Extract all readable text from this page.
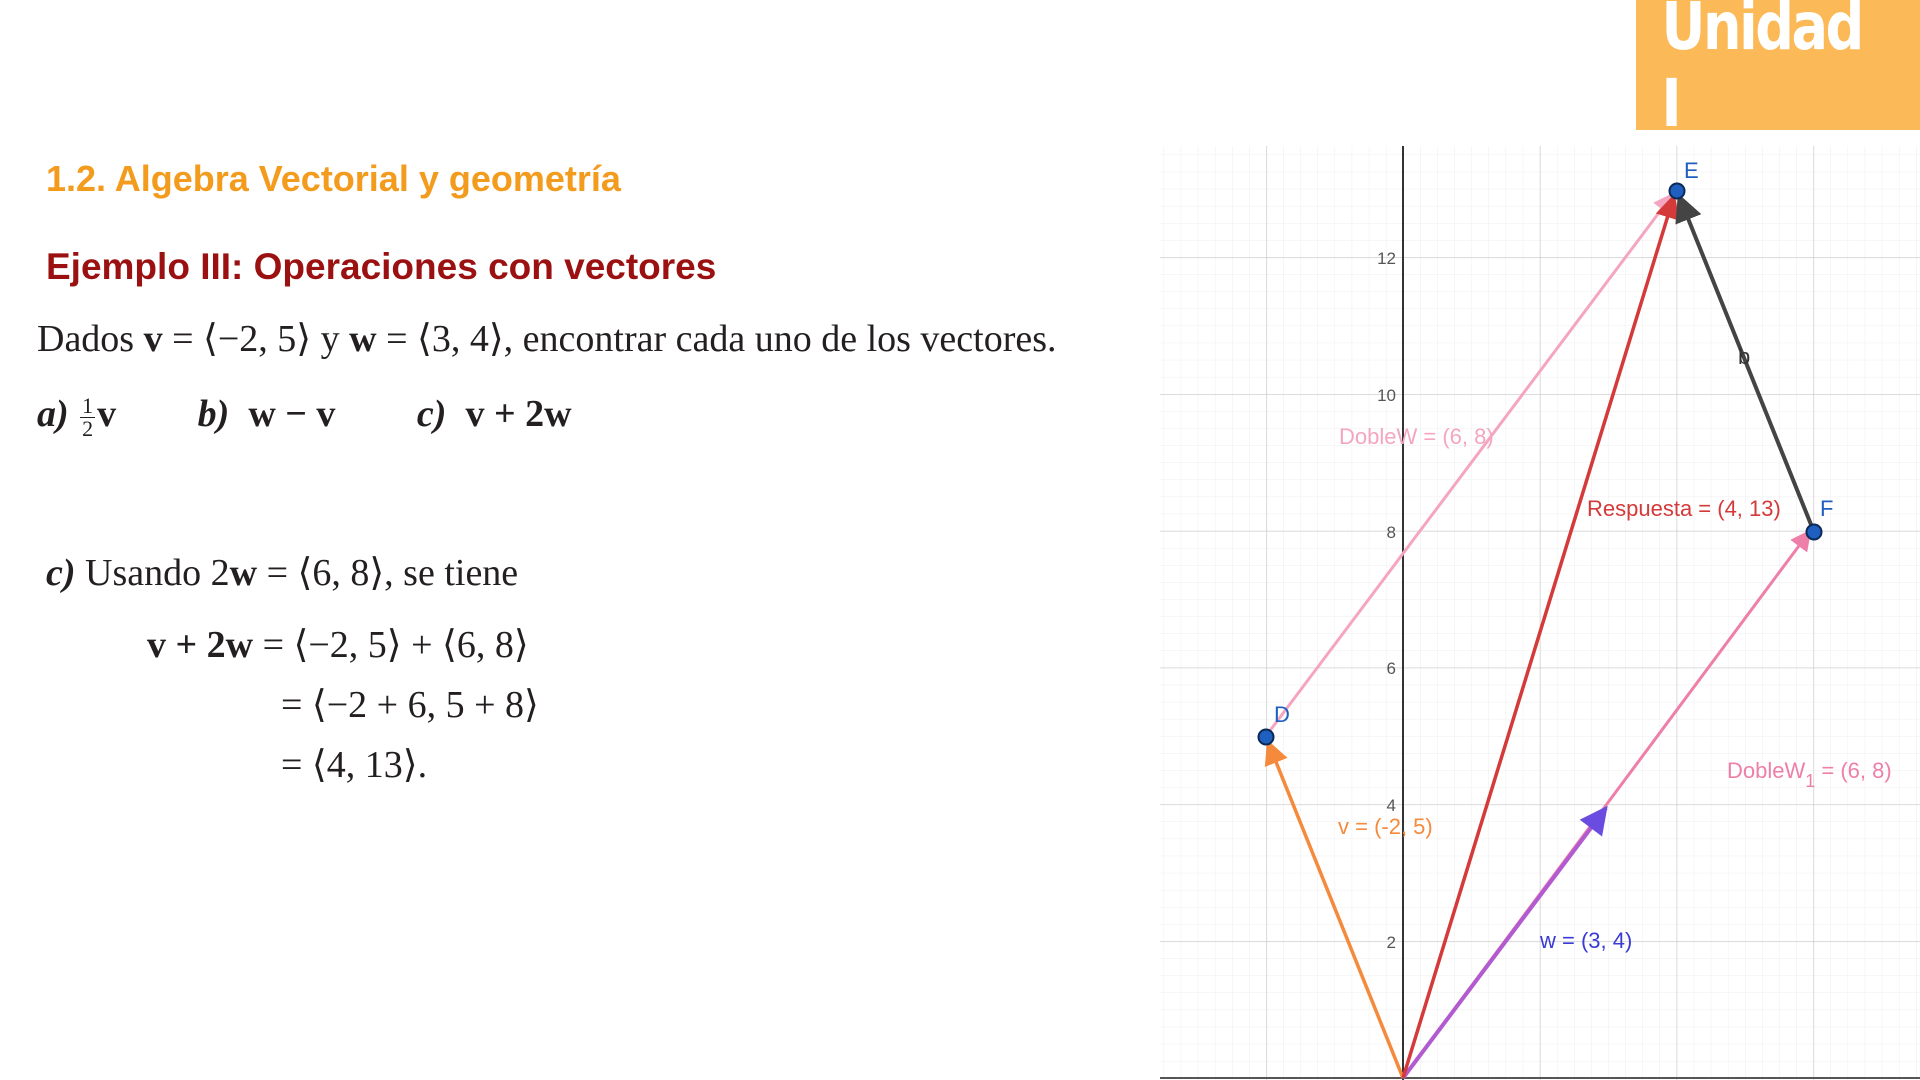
Unidad I
1.2. Algebra Vectorial y geometría
Ejemplo III: Operaciones con vectores
Dados v = ⟨−2, 5⟩ y w = ⟨3, 4⟩, encontrar cada uno de los vectores.
$a) \frac{1}{2}$ v b) w − v c) v + 2w
c) Usando 2w = ⟨6, 8⟩, se tiene
v + 2w = ⟨−2, 5⟩ + ⟨6, 8⟩
= ⟨−2 + 6, 5 + 8⟩
= ⟨4, 13⟩.
2
4
6
8
10
12
D
E
F
v = (-2, 5)
w = (3, 4)
DobleW = (6, 8)
Respuesta = (4, 13)
b
DobleW$_1$ = (6, 8)
